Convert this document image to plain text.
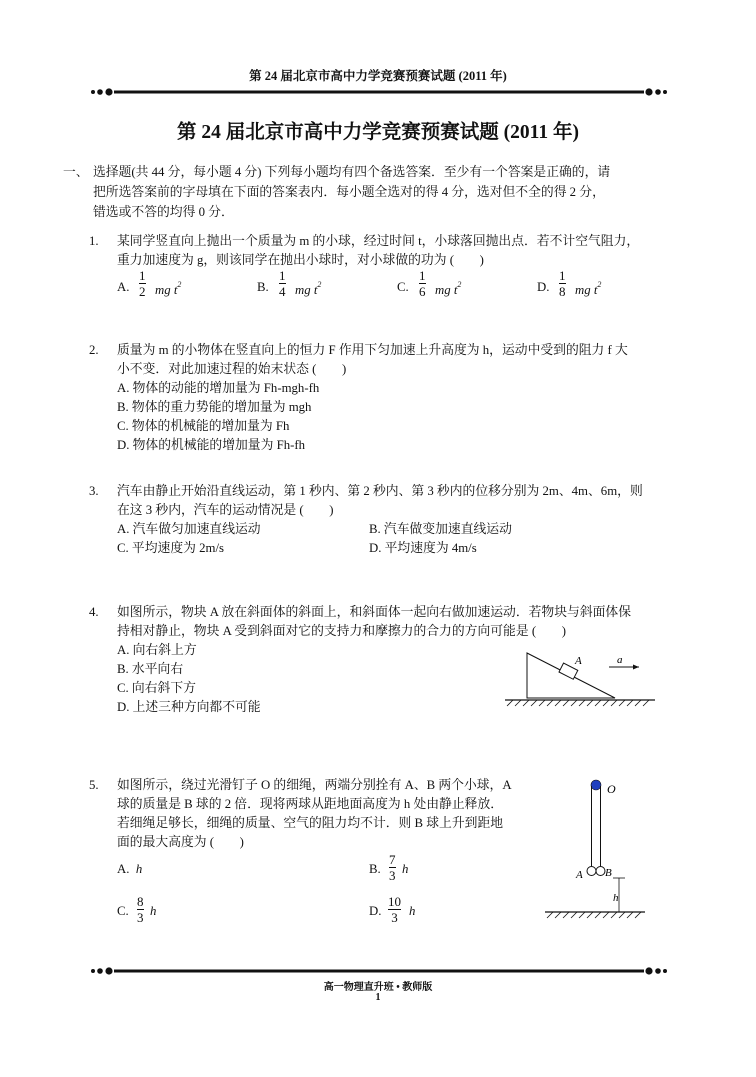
第 24 届北京市高中力学竞赛预赛试题 (2011 年)
第 24 届北京市高中力学竞赛预赛试题 (2011 年)
一、 选择题(共 44 分，每小题 4 分) 下列每小题均有四个备选答案．至少有一个答案是正确的，请
把所选答案前的字母填在下面的答案表内．每小题全选对的得 4 分，选对但不全的得 2 分，
错选或不答的均得 0 分．
1. 某同学竖直向上抛出一个质量为 m 的小球，经过时间 t，小球落回抛出点．若不计空气阻力，
重力加速度为 g，则该同学在抛出小球时，对小球做的功为 (　　)
A.
1
2 mg $t^2$	B.
1
4 mg $t^2$	C.
1
6 mg $t^2$	D.
1
8 mg $t^2$
2. 质量为 m 的小物体在竖直向上的恒力 F 作用下匀加速上升高度为 h，运动中受到的阻力 f 大
小不变．对此加速过程的始末状态 (　　)
A. 物体的动能的增加量为 Fh-mgh-fh
B. 物体的重力势能的增加量为 mgh
C. 物体的机械能的增加量为 Fh
D. 物体的机械能的增加量为 Fh-fh
3. 汽车由静止开始沿直线运动，第 1 秒内、第 2 秒内、第 3 秒内的位移分别为 2m、4m、6m，则
在这 3 秒内，汽车的运动情况是 (　　)
A. 汽车做匀加速直线运动	B. 汽车做变加速直线运动
C. 平均速度为 2m/s	D. 平均速度为 4m/s
4. 如图所示，物块 A 放在斜面体的斜面上，和斜面体一起向右做加速运动．若物块与斜面体保
持相对静止，物块 A 受到斜面对它的支持力和摩擦力的合力的方向可能是 (　　)
A. 向右斜上方
B. 水平向右
C. 向右斜下方
D. 上述三种方向都不可能
A	a
5. 如图所示，绕过光滑钉子 O 的细绳，两端分别拴有 A、B 两个小球，A
球的质量是 B 球的 2 倍．现将两球从距地面高度为 h 处由静止释放．
若细绳足够长，细绳的质量、空气的阻力均不计．则 B 球上升到距地
面的最大高度为 (　　)
A. h	B.
7
3 h
C.
8
3 h	D.
10
3 h
O
A B
h
高一物理直升班 • 教师版
1
